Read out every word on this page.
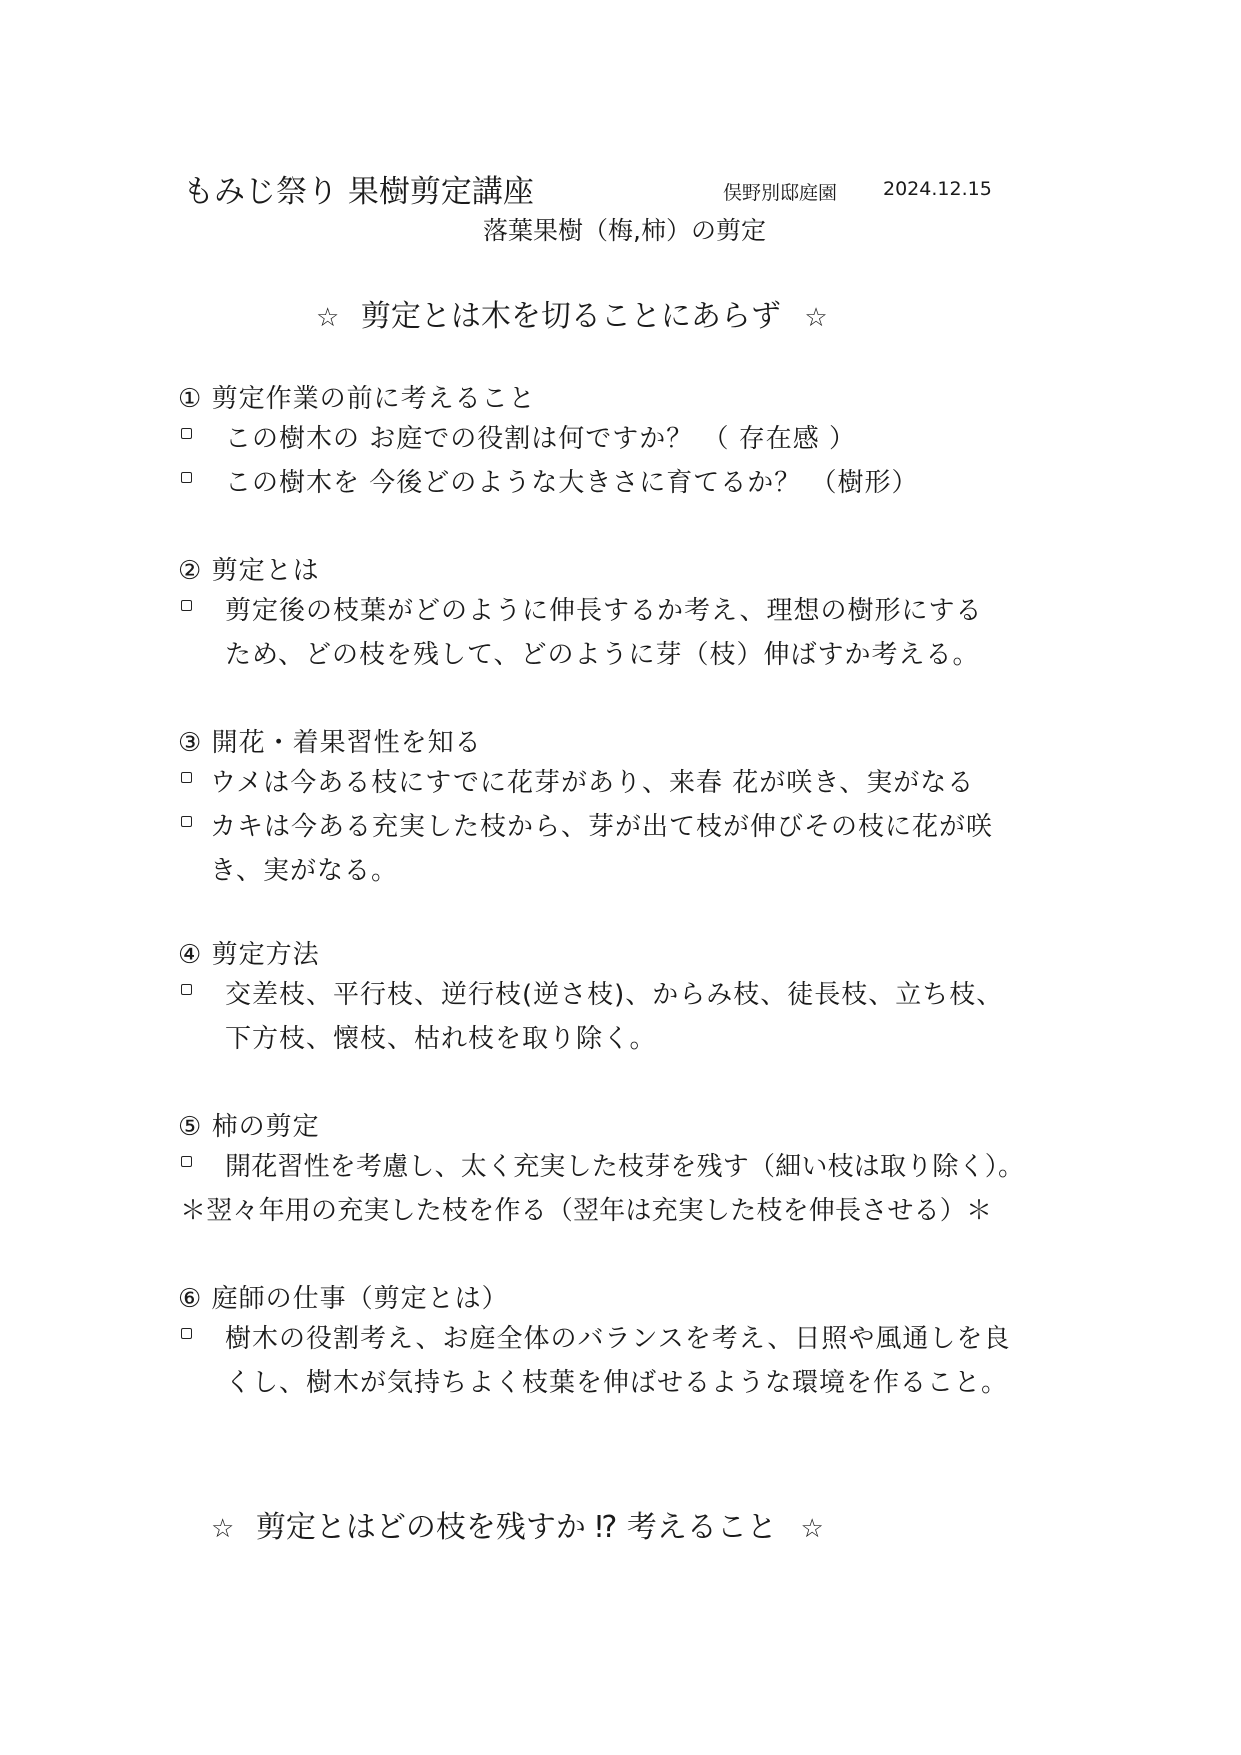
もみじ祭り 果樹剪定講座	俣野別邸庭園 2024.12.15
落葉果樹（梅,柿）の剪定
☆ 剪定とは木を切ることにあらず ☆
① 剪定作業の前に考えること
この樹木の お庭での役割は何ですか？ （ 存在感 ）
この樹木を 今後どのような大きさに育てるか？ （樹形）
② 剪定とは
剪定後の枝葉がどのように伸長するか考え、理想の樹形にする
ため、どの枝を残して、どのように芽（枝）伸ばすか考える。
③ 開花・着果習性を知る
ウメは今ある枝にすでに花芽があり、来春 花が咲き、実がなる
カキは今ある充実した枝から、芽が出て枝が伸びその枝に花が咲
き、実がなる。
④ 剪定方法
交差枝、平行枝、逆行枝(逆さ枝)、からみ枝、徒長枝、立ち枝、
下方枝、懐枝、枯れ枝を取り除く。
⑤ 柿の剪定
開花習性を考慮し、太く充実した枝芽を残す（細い枝は取り除く）。
＊翌々年用の充実した枝を作る（翌年は充実した枝を伸長させる）＊
⑥ 庭師の仕事（剪定とは）
樹木の役割考え、お庭全体のバランスを考え、日照や風通しを良
くし、樹木が気持ちよく枝葉を伸ばせるような環境を作ること。
☆ 剪定とはどの枝を残すか ⁉ 考えること ☆
